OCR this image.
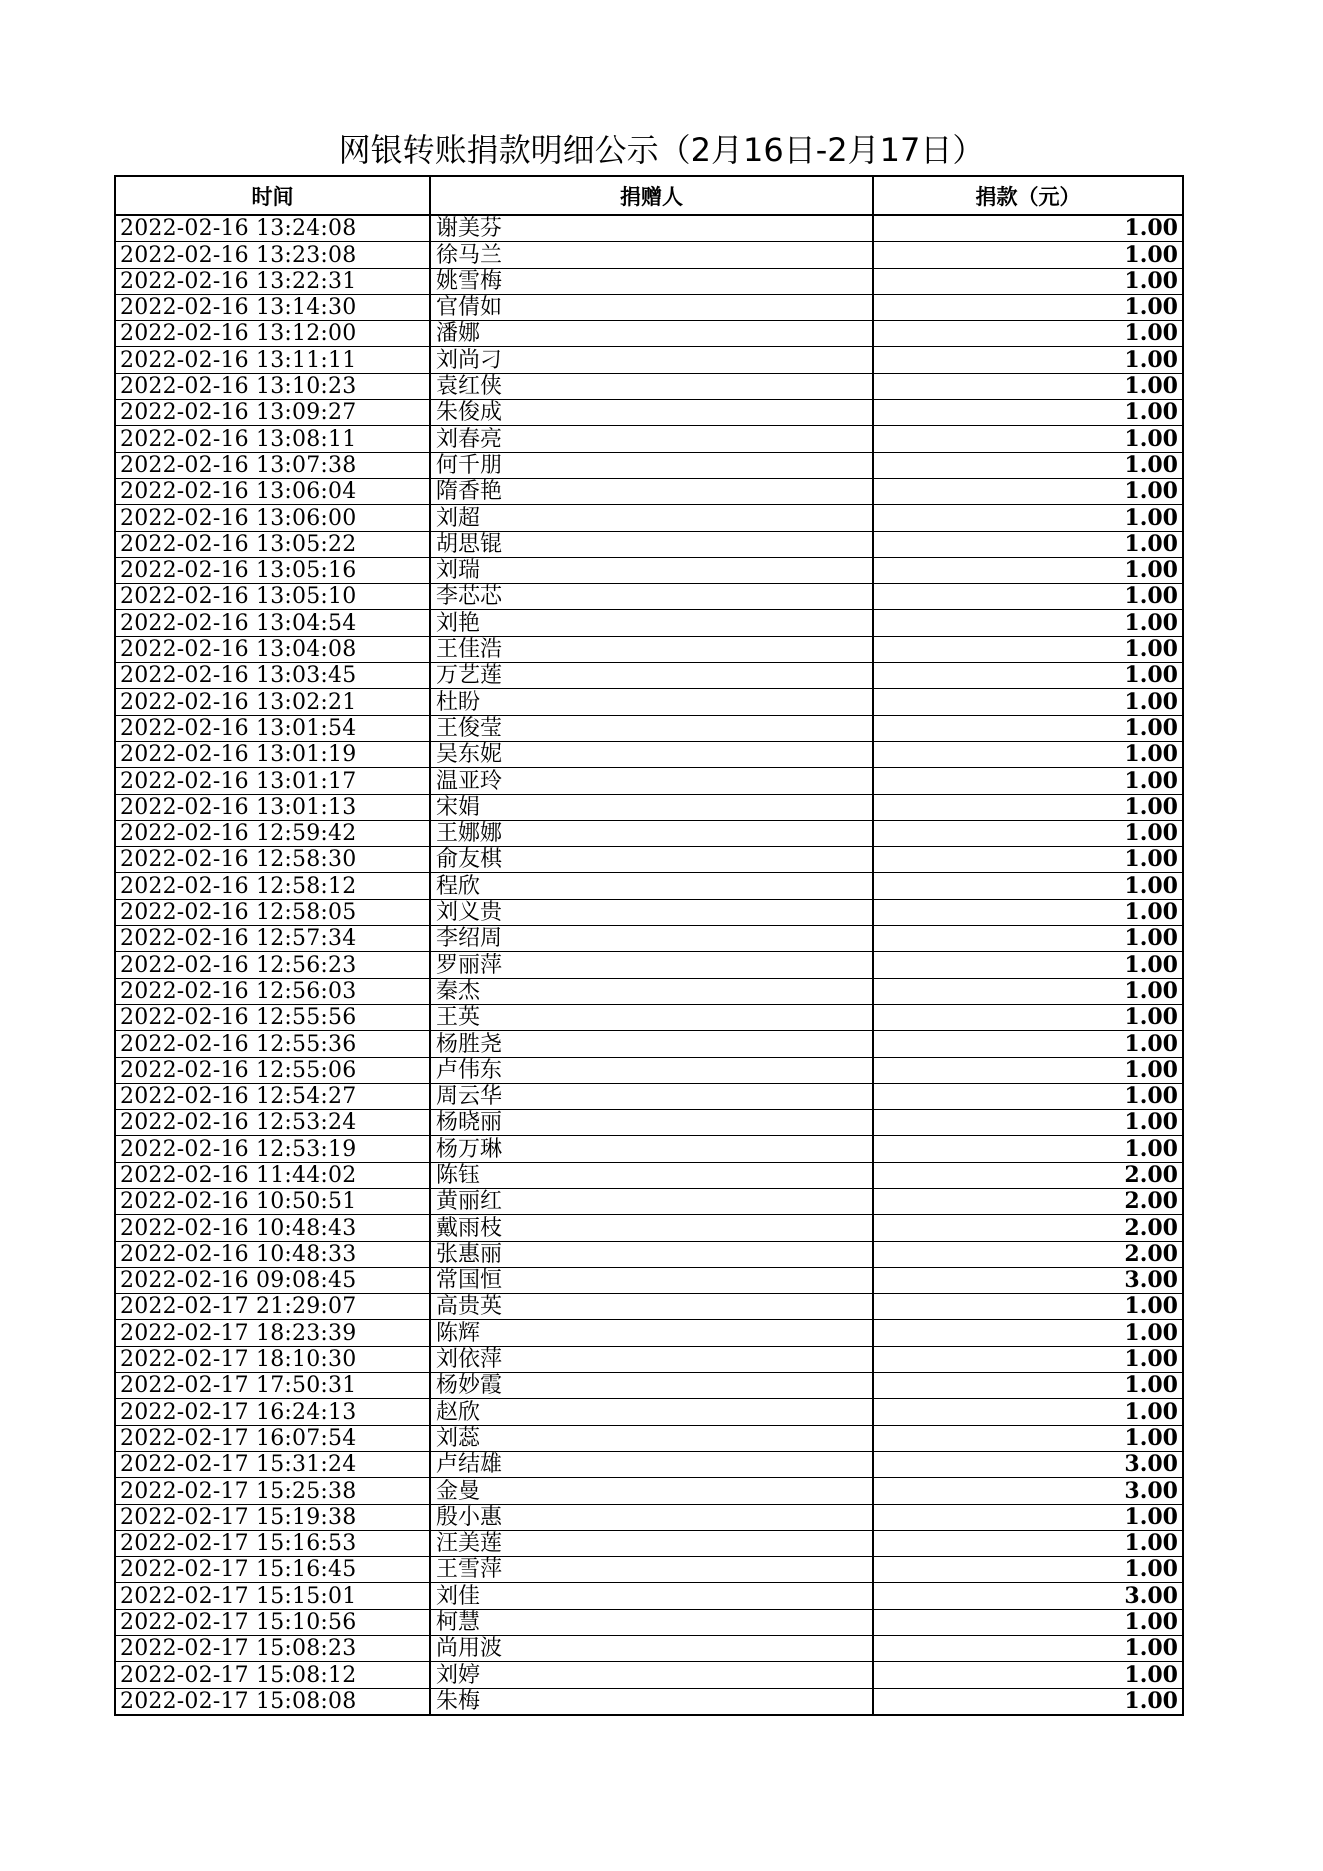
网银转账捐款明细公示（2月16日-2月17日）
时间	捐赠人	捐款（元）
2022-02-16 13:24:08	谢美芬	1.00
2022-02-16 13:23:08	徐马兰	1.00
2022-02-16 13:22:31	姚雪梅	1.00
2022-02-16 13:14:30	官倩如	1.00
2022-02-16 13:12:00	潘娜	1.00
2022-02-16 13:11:11	刘尚刁	1.00
2022-02-16 13:10:23	袁红侠	1.00
2022-02-16 13:09:27	朱俊成	1.00
2022-02-16 13:08:11	刘春亮	1.00
2022-02-16 13:07:38	何千朋	1.00
2022-02-16 13:06:04	隋香艳	1.00
2022-02-16 13:06:00	刘超	1.00
2022-02-16 13:05:22	胡思锟	1.00
2022-02-16 13:05:16	刘瑞	1.00
2022-02-16 13:05:10	李芯芯	1.00
2022-02-16 13:04:54	刘艳	1.00
2022-02-16 13:04:08	王佳浩	1.00
2022-02-16 13:03:45	万艺莲	1.00
2022-02-16 13:02:21	杜盼	1.00
2022-02-16 13:01:54	王俊莹	1.00
2022-02-16 13:01:19	吴东妮	1.00
2022-02-16 13:01:17	温亚玲	1.00
2022-02-16 13:01:13	宋娟	1.00
2022-02-16 12:59:42	王娜娜	1.00
2022-02-16 12:58:30	俞友棋	1.00
2022-02-16 12:58:12	程欣	1.00
2022-02-16 12:58:05	刘义贵	1.00
2022-02-16 12:57:34	李绍周	1.00
2022-02-16 12:56:23	罗丽萍	1.00
2022-02-16 12:56:03	秦杰	1.00
2022-02-16 12:55:56	王英	1.00
2022-02-16 12:55:36	杨胜尧	1.00
2022-02-16 12:55:06	卢伟东	1.00
2022-02-16 12:54:27	周云华	1.00
2022-02-16 12:53:24	杨晓丽	1.00
2022-02-16 12:53:19	杨万琳	1.00
2022-02-16 11:44:02	陈钰	2.00
2022-02-16 10:50:51	黄丽红	2.00
2022-02-16 10:48:43	戴雨枝	2.00
2022-02-16 10:48:33	张惠丽	2.00
2022-02-16 09:08:45	常国恒	3.00
2022-02-17 21:29:07	高贵英	1.00
2022-02-17 18:23:39	陈辉	1.00
2022-02-17 18:10:30	刘依萍	1.00
2022-02-17 17:50:31	杨妙霞	1.00
2022-02-17 16:24:13	赵欣	1.00
2022-02-17 16:07:54	刘蕊	1.00
2022-02-17 15:31:24	卢结雄	3.00
2022-02-17 15:25:38	金曼	3.00
2022-02-17 15:19:38	殷小惠	1.00
2022-02-17 15:16:53	汪美莲	1.00
2022-02-17 15:16:45	王雪萍	1.00
2022-02-17 15:15:01	刘佳	3.00
2022-02-17 15:10:56	柯慧	1.00
2022-02-17 15:08:23	尚用波	1.00
2022-02-17 15:08:12	刘婷	1.00
2022-02-17 15:08:08	朱梅	1.00
